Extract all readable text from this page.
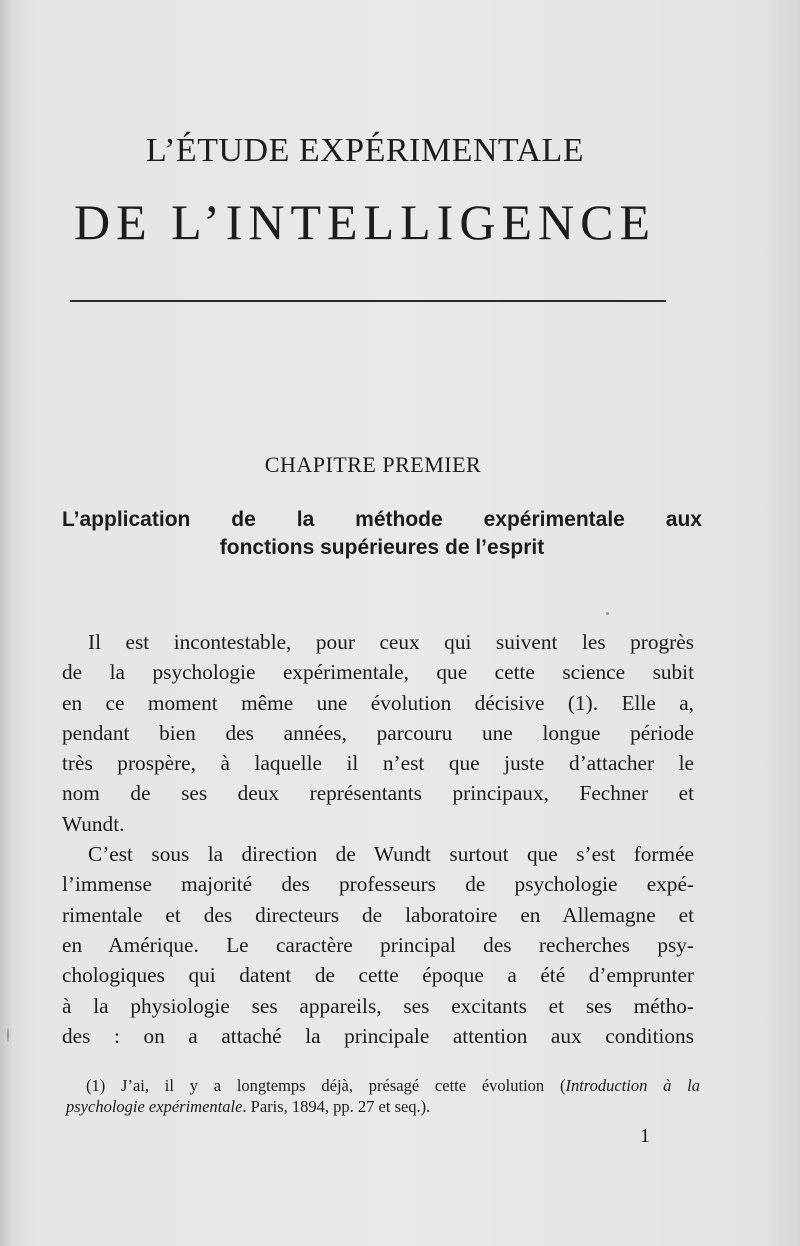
L’ÉTUDE EXPÉRIMENTALE
DE L’INTELLIGENCE
CHAPITRE PREMIER
L’application de la méthode expérimentale aux
fonctions supérieures de l’esprit
Il est incontestable, pour ceux qui suivent les progrès
de la psychologie expérimentale, que cette science subit
en ce moment même une évolution décisive (1). Elle a,
pendant bien des années, parcouru une longue période
très prospère, à laquelle il n’est que juste d’attacher le
nom de ses deux représentants principaux, Fechner et
Wundt.
C’est sous la direction de Wundt surtout que s’est formée
l’immense majorité des professeurs de psychologie expé-
rimentale et des directeurs de laboratoire en Allemagne et
en Amérique. Le caractère principal des recherches psy-
chologiques qui datent de cette époque a été d’emprunter
à la physiologie ses appareils, ses excitants et ses métho-
des : on a attaché la principale attention aux conditions
(1) J’ai, il y a longtemps déjà, présagé cette évolution (Introduction à la
psychologie expérimentale. Paris, 1894, pp. 27 et seq.).
1
